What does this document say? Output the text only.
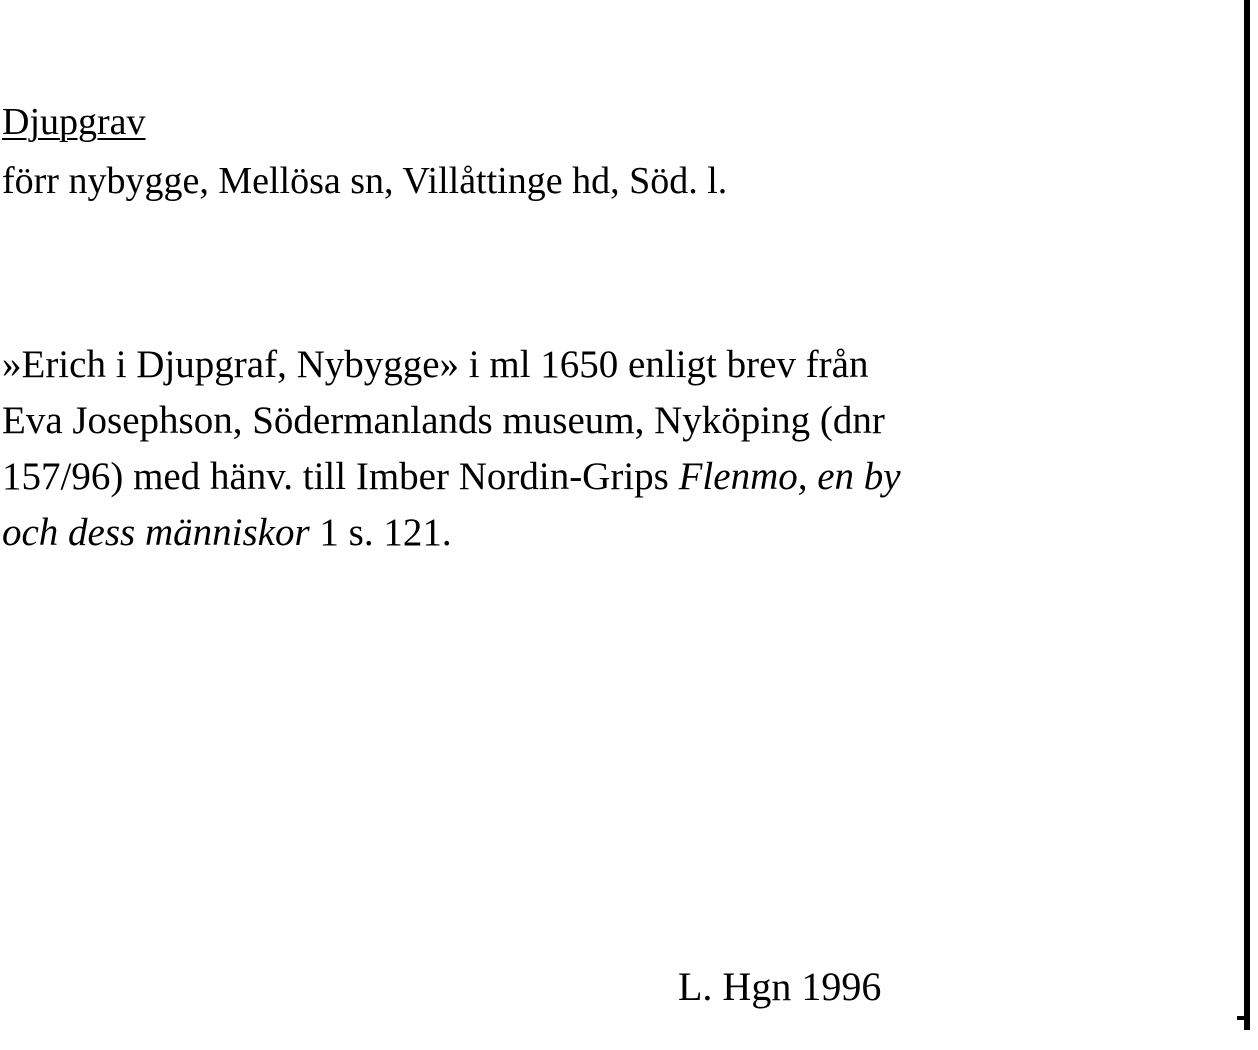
Djupgrav
förr nybygge, Mellösa sn, Villåttinge hd, Söd. l.
»Erich i Djupgraf, Nybygge» i ml 1650 enligt brev från
Eva Josephson, Södermanlands museum, Nyköping (dnr
157/96) med hänv. till Imber Nordin-Grips Flenmo, en by
och dess människor 1 s. 121.
L. Hgn 1996
